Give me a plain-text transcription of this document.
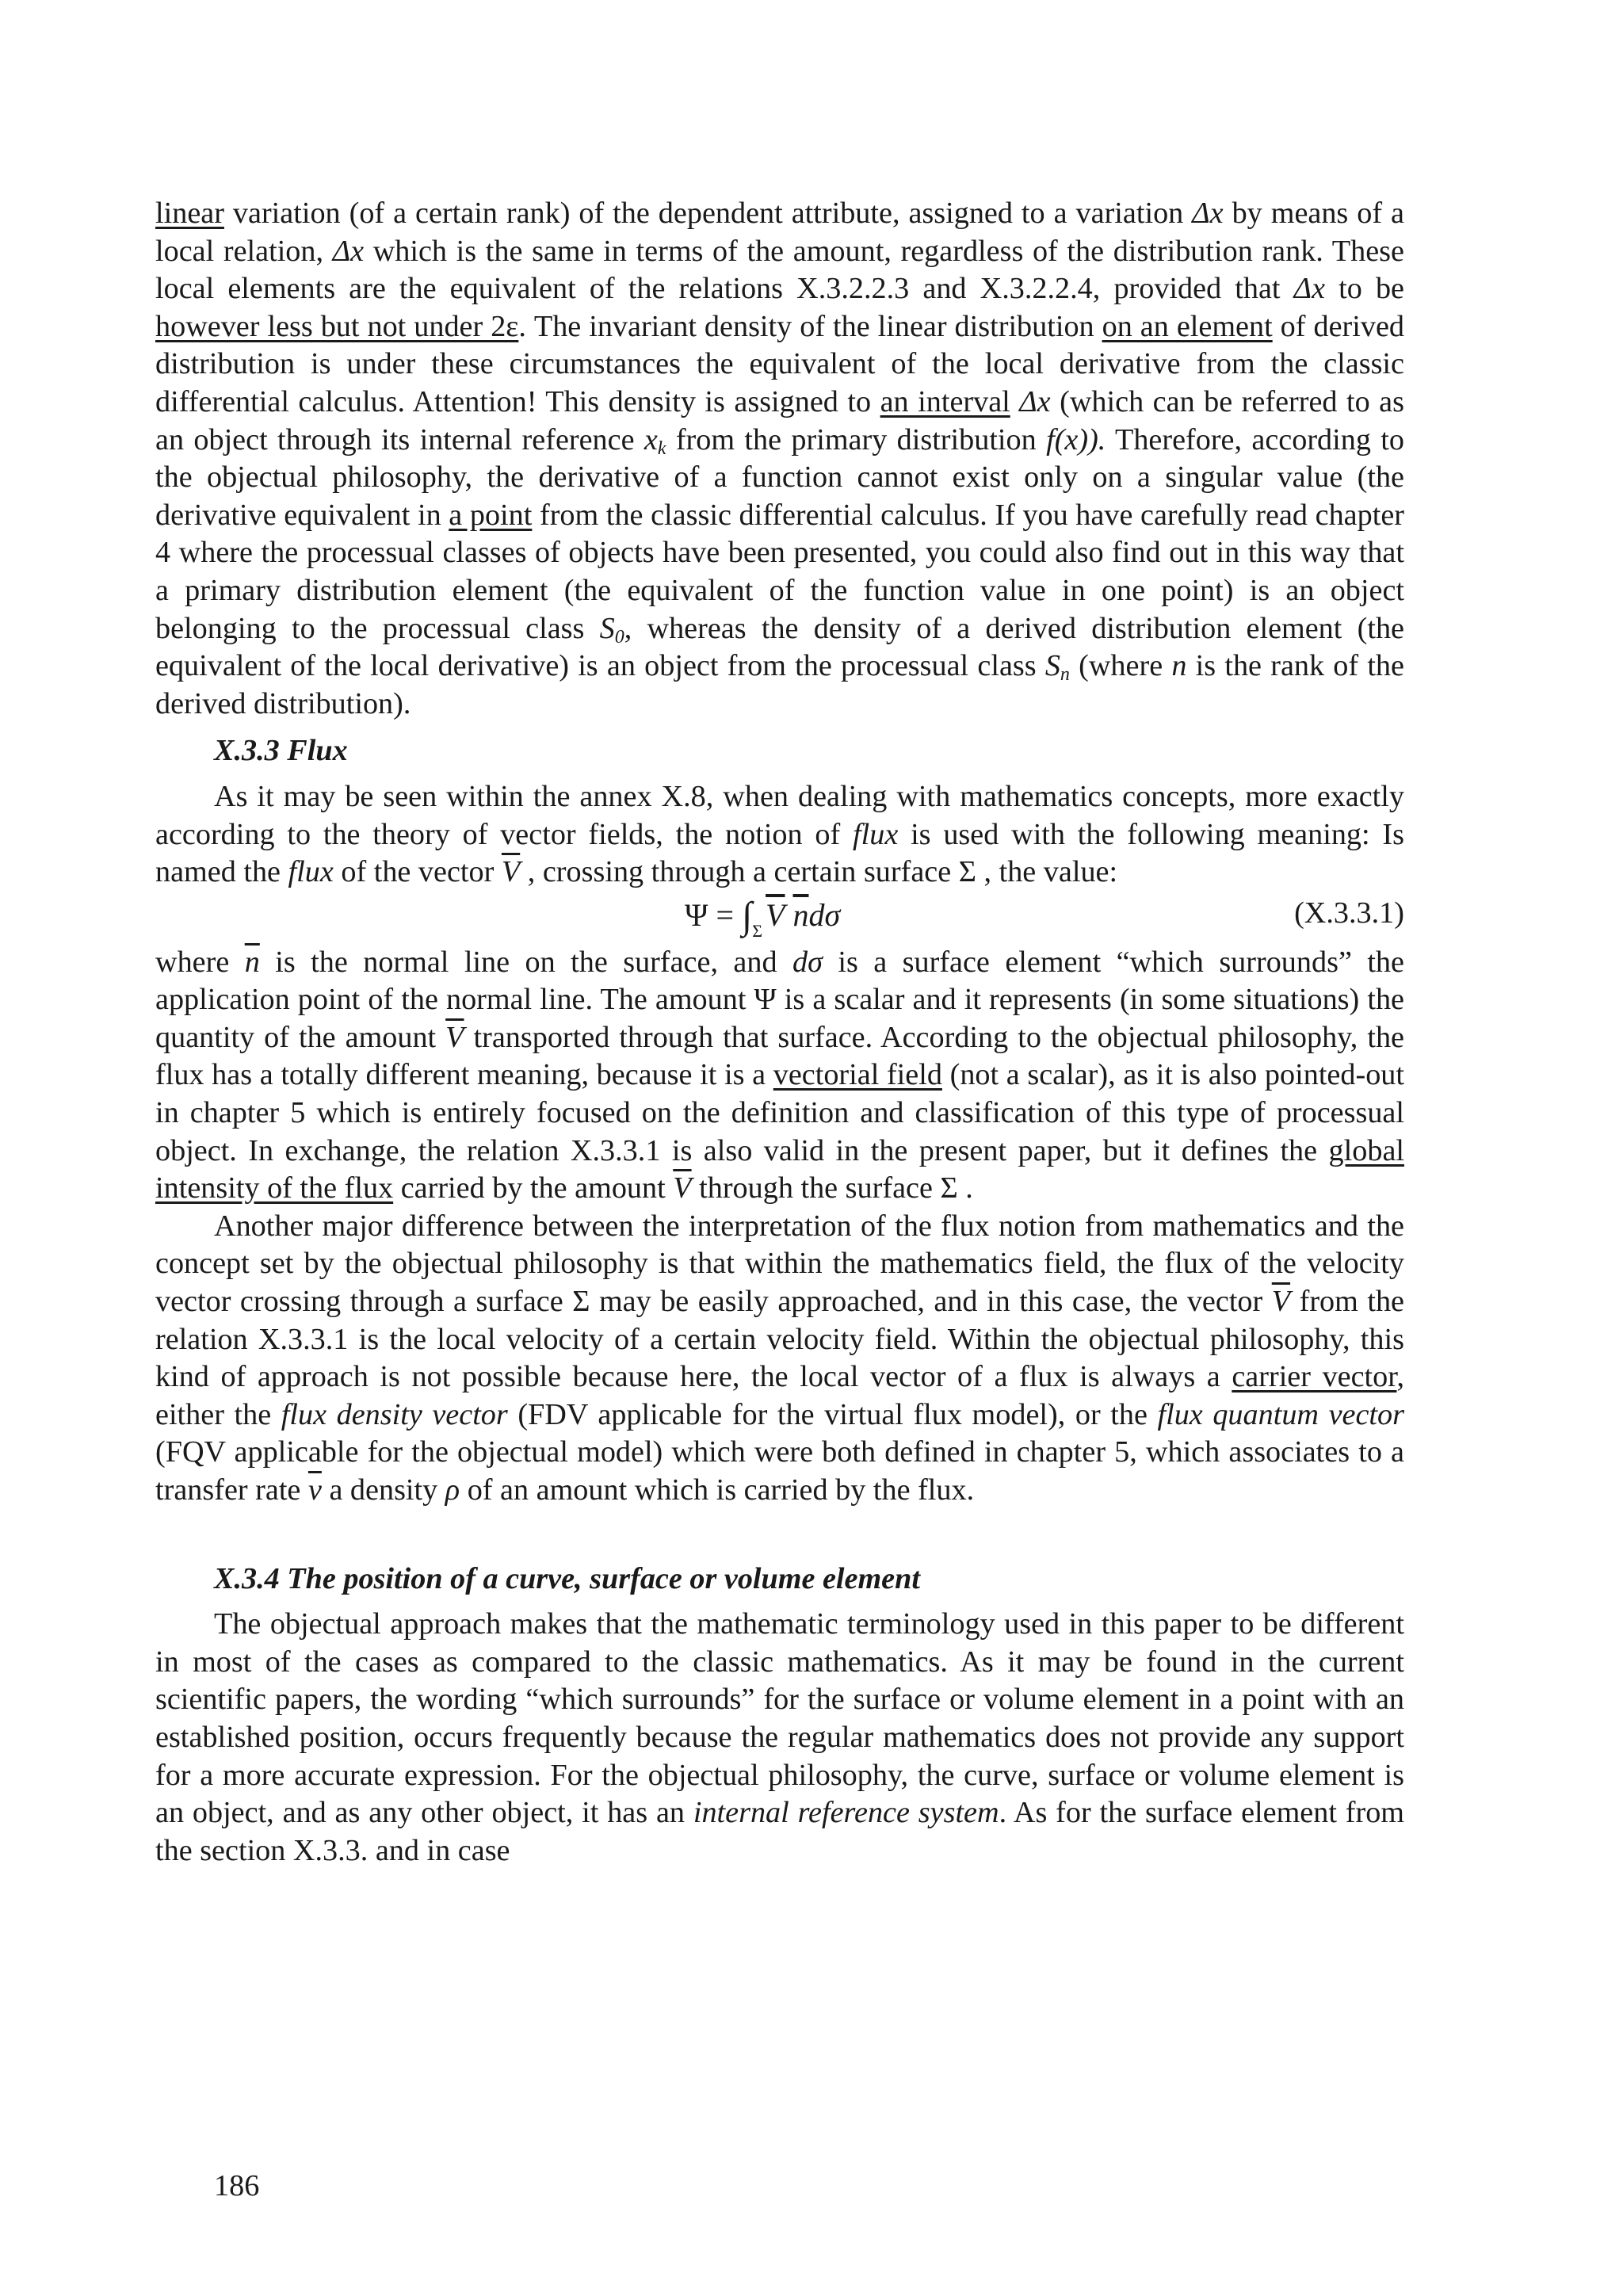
linear variation (of a certain rank) of the dependent attribute, assigned to a variation Δx by means of a local relation, Δx which is the same in terms of the amount, regardless of the distribution rank. These local elements are the equivalent of the relations X.3.2.2.3 and X.3.2.2.4, provided that Δx to be however less but not under 2ε. The invariant density of the linear distribution on an element of derived distribution is under these circumstances the equivalent of the local derivative from the classic differential calculus. Attention! This density is assigned to an interval Δx (which can be referred to as an object through its internal reference $x_k$ from the primary distribution f(x)). Therefore, according to the objectual philosophy, the derivative of a function cannot exist only on a singular value (the derivative equivalent in a point from the classic differential calculus. If you have carefully read chapter 4 where the processual classes of objects have been presented, you could also find out in this way that a primary distribution element (the equivalent of the function value in one point) is an object belonging to the processual class $S_0$, whereas the density of a derived distribution element (the equivalent of the local derivative) is an object from the processual class $S_n$ (where n is the rank of the derived distribution).

X.3.3 Flux

As it may be seen within the annex X.8, when dealing with mathematics concepts, more exactly according to the theory of vector fields, the notion of flux is used with the following meaning: Is named the flux of the vector $\overline{V}$ , crossing through a certain surface Σ , the value:

$\Psi = \int_\Sigma$ $\overline{V}$ $\overline{n}d\sigma$	(X.3.3.1)

where $\overline{n}$ is the normal line on the surface, and dσ is a surface element “which surrounds” the application point of the normal line. The amount Ψ is a scalar and it represents (in some situations) the quantity of the amount $\overline{V}$ transported through that surface. According to the objectual philosophy, the flux has a totally different meaning, because it is a vectorial field (not a scalar), as it is also pointed-out in chapter 5 which is entirely focused on the definition and classification of this type of processual object. In exchange, the relation X.3.3.1 is also valid in the present paper, but it defines the global intensity of the flux carried by the amount $\overline{V}$ through the surface Σ .

Another major difference between the interpretation of the flux notion from mathematics and the concept set by the objectual philosophy is that within the mathematics field, the flux of the velocity vector crossing through a surface Σ may be easily approached, and in this case, the vector $\overline{V}$ from the relation X.3.3.1 is the local velocity of a certain velocity field. Within the objectual philosophy, this kind of approach is not possible because here, the local vector of a flux is always a carrier vector, either the flux density vector (FDV applicable for the virtual flux model), or the flux quantum vector (FQV applicable for the objectual model) which were both defined in chapter 5, which associates to a transfer rate $\overline{v}$ a density ρ of an amount which is carried by the flux.

X.3.4 The position of a curve, surface or volume element

The objectual approach makes that the mathematic terminology used in this paper to be different in most of the cases as compared to the classic mathematics. As it may be found in the current scientific papers, the wording “which surrounds” for the surface or volume element in a point with an established position, occurs frequently because the regular mathematics does not provide any support for a more accurate expression. For the objectual philosophy, the curve, surface or volume element is an object, and as any other object, it has an internal reference system. As for the surface element from the section X.3.3. and in case

186
